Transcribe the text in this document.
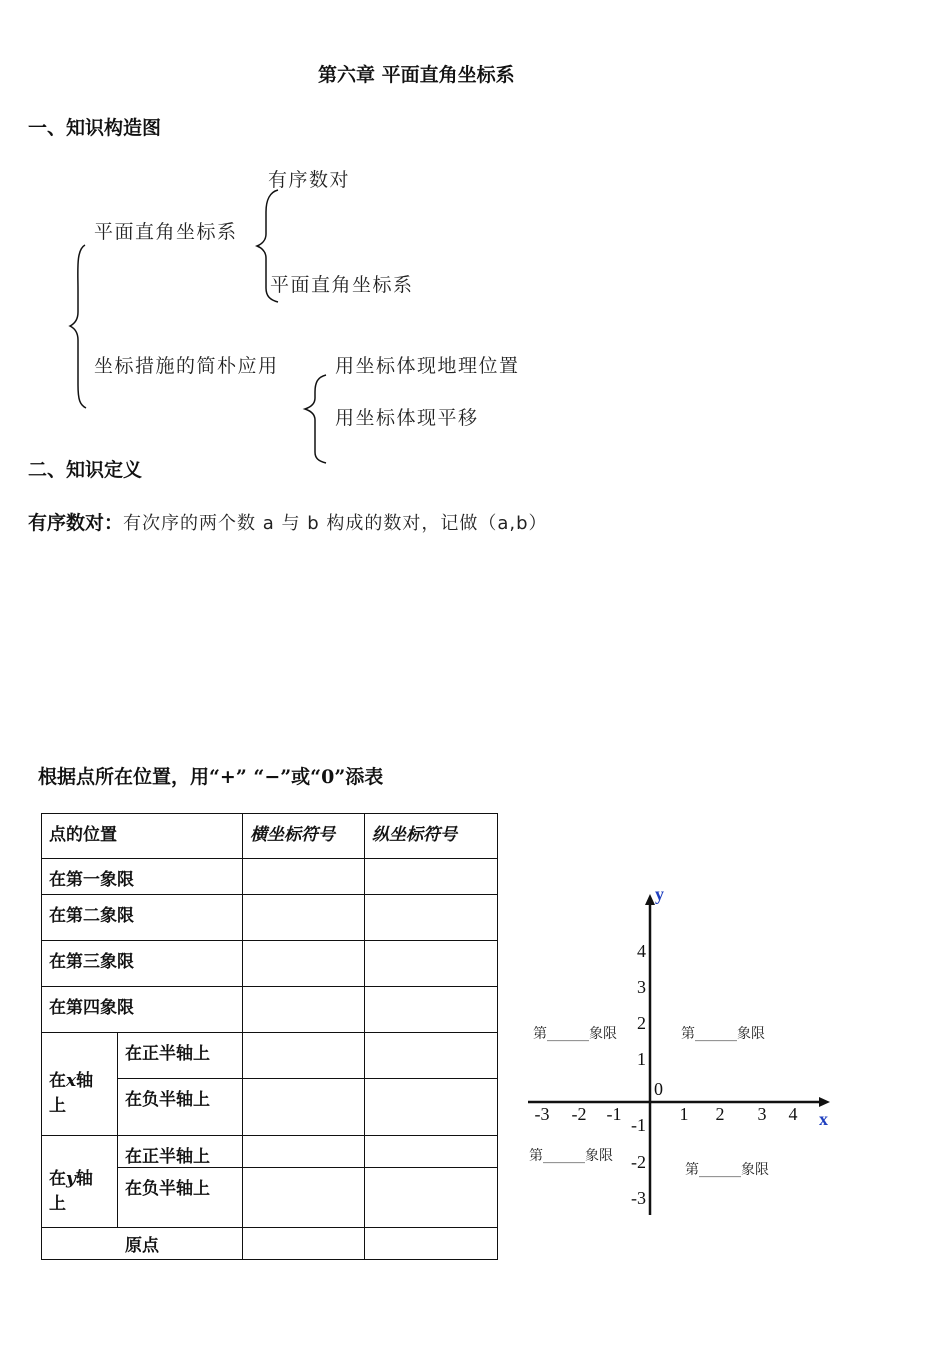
第六章 平面直角坐标系
一、知识构造图
有序数对
平面直角坐标系
平面直角坐标系
坐标措施的简朴应用	用坐标体现地理位置
用坐标体现平移
二、知识定义
有序数对：有次序的两个数 a 与 b 构成的数对，记做（a,b）
根据点所在位置，用“+” “−”或“0”添表
点的位置		横坐标符号	纵坐标符号

在第一象限			

在第二象限			

在第三象限			

在第四象限			

在x轴上	在正半轴上		

	在负半轴上		

在y轴上	在正半轴上		

	在负半轴上		

原点			
x
y
0
-3 -2 -1	1 2 3 4
4
3
2
1
-1
-2
-3
第______象限	第______象限
第______象限
第______象限
